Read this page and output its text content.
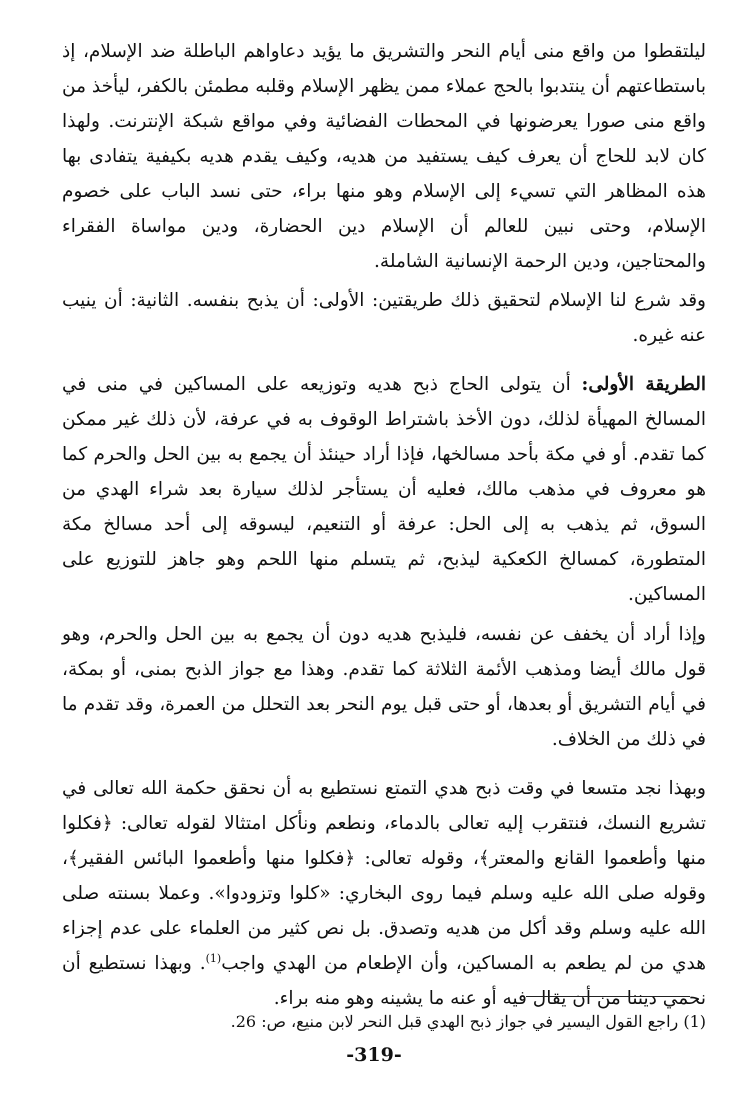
ليلتقطوا من واقع منى أيام النحر والتشريق ما يؤيد دعاواهم الباطلة ضد الإسلام، إذ باستطاعتهم أن ينتدبوا بالحج عملاء ممن يظهر الإسلام وقلبه مطمئن بالكفر، ليأخذ من واقع منى صورا يعرضونها في المحطات الفضائية وفي مواقع شبكة الإنترنت. ولهذا كان لابد للحاج أن يعرف كيف يستفيد من هديه، وكيف يقدم هديه بكيفية يتفادى بها هذه المظاهر التي تسيء إلى الإسلام وهو منها براء، حتى نسد الباب على خصوم الإسلام، وحتى نبين للعالم أن الإسلام دين الحضارة، ودين مواساة الفقراء والمحتاجين، ودين الرحمة الإنسانية الشاملة.

وقد شرع لنا الإسلام لتحقيق ذلك طريقتين: الأولى: أن يذبح بنفسه. الثانية: أن ينيب عنه غيره.

الطريقة الأولى: أن يتولى الحاج ذبح هديه وتوزيعه على المساكين في منى في المسالخ المهيأة لذلك، دون الأخذ باشتراط الوقوف به في عرفة، لأن ذلك غير ممكن كما تقدم. أو في مكة بأحد مسالخها، فإذا أراد حينئذ أن يجمع به بين الحل والحرم كما هو معروف في مذهب مالك، فعليه أن يستأجر لذلك سيارة بعد شراء الهدي من السوق، ثم يذهب به إلى الحل: عرفة أو التنعيم، ليسوقه إلى أحد مسالخ مكة المتطورة، كمسالخ الكعكية ليذبح، ثم يتسلم منها اللحم وهو جاهز للتوزيع على المساكين.

وإذا أراد أن يخفف عن نفسه، فليذبح هديه دون أن يجمع به بين الحل والحرم، وهو قول مالك أيضا ومذهب الأئمة الثلاثة كما تقدم. وهذا مع جواز الذبح بمنى، أو بمكة، في أيام التشريق أو بعدها، أو حتى قبل يوم النحر بعد التحلل من العمرة، وقد تقدم ما في ذلك من الخلاف.

وبهذا نجد متسعا في وقت ذبح هدي التمتع نستطيع به أن نحقق حكمة الله تعالى في تشريع النسك، فنتقرب إليه تعالى بالدماء، ونطعم ونأكل امتثالا لقوله تعالى: ﴿فكلوا منها وأطعموا القانع والمعتر﴾، وقوله تعالى: ﴿فكلوا منها وأطعموا البائس الفقير﴾، وقوله صلى الله عليه وسلم فيما روى البخاري: «كلوا وتزودوا». وعملا بسنته صلى الله عليه وسلم وقد أكل من هديه وتصدق. بل نص كثير من العلماء على عدم إجزاء هدي من لم يطعم به المساكين، وأن الإطعام من الهدي واجب$^{(1)}$. وبهذا نستطيع أن نحمي ديننا من أن يقال فيه أو عنه ما يشينه وهو منه براء.

(1) راجع القول اليسير في جواز ذبح الهدي قبل النحر لابن منيع، ص: 26.

-319-
